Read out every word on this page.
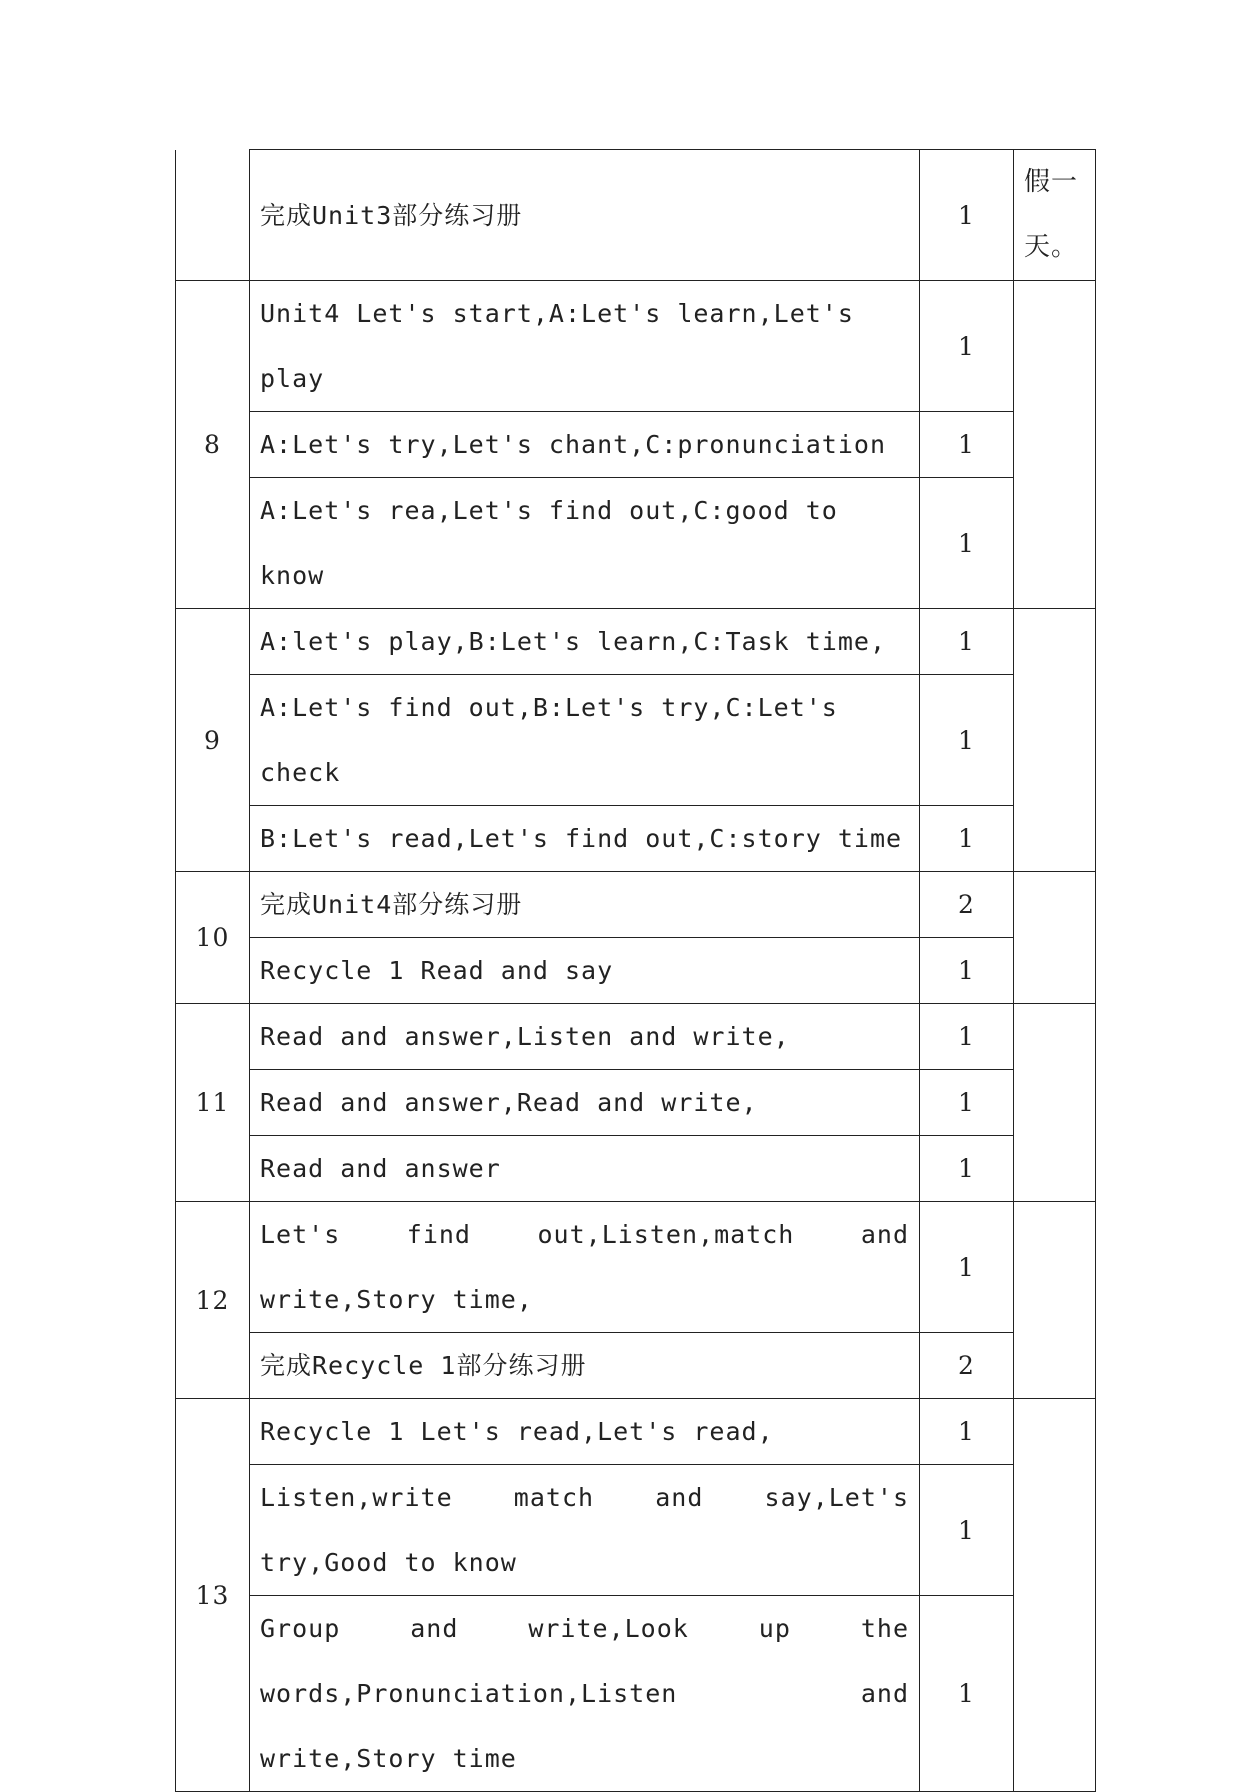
	完成Unit3部分练习册	1	假一天。
8	Unit4 Let's start,A:Let's learn,Let's play	1	
	A:Let's try,Let's chant,C:pronunciation	1	
	A:Let's rea,Let's find out,C:good to know	1	
9	A:let's play,B:Let's learn,C:Task time,	1	
	A:Let's find out,B:Let's try,C:Let's check	1	
	B:Let's read,Let's find out,C:story time	1	
10	完成Unit4部分练习册	2	
	Recycle 1 Read and say	1	
11	Read and answer,Listen and write,	1	
	Read and answer,Read and write,	1	
	Read and answer	1	
12	Let's find out,Listen,match and write,Story time,	1	
	完成Recycle 1部分练习册	2	
13	Recycle 1 Let's read,Let's read,	1	
	Listen,write match and say,Let's try,Good to know	1	
	Group and write,Look up the words,Pronunciation,Listen and write,Story time	1	
